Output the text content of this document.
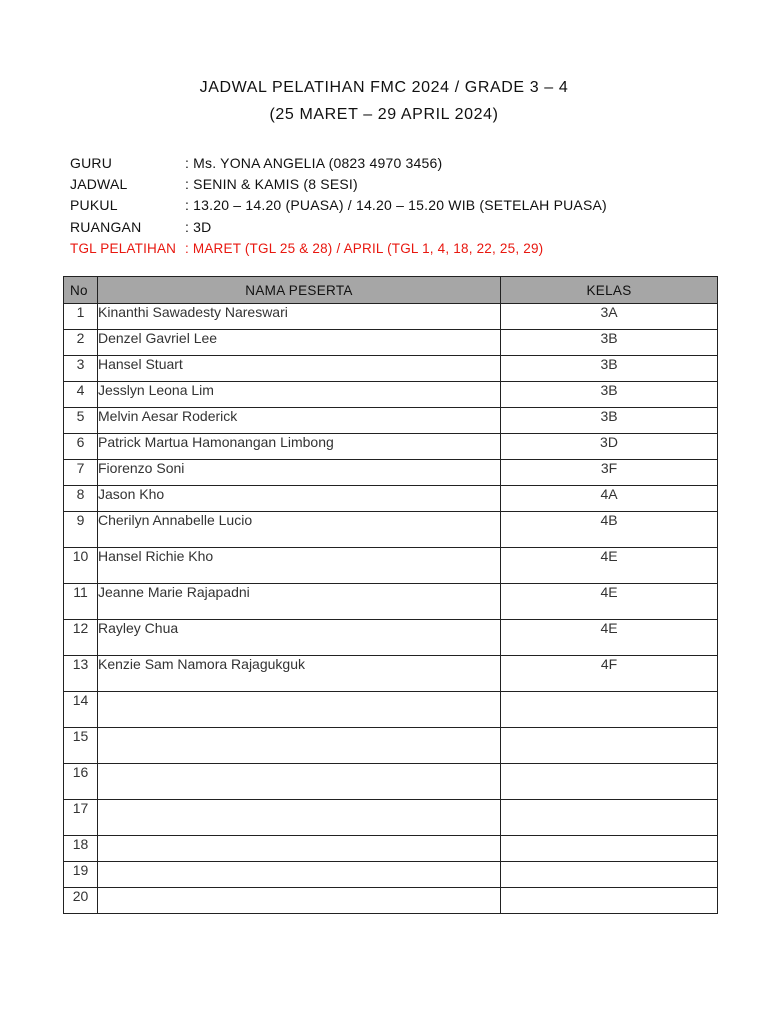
JADWAL PELATIHAN FMC 2024 / GRADE 3 – 4
(25 MARET – 29 APRIL 2024)
GURU	: Ms. YONA ANGELIA (0823 4970 3456)
JADWAL	: SENIN & KAMIS (8 SESI)
PUKUL	: 13.20 – 14.20 (PUASA) / 14.20 – 15.20 WIB (SETELAH PUASA)
RUANGAN	: 3D
TGL PELATIHAN : MARET (TGL 25 & 28) / APRIL (TGL 1, 4, 18, 22, 25, 29)
No	NAMA PESERTA	KELAS
1	Kinanthi Sawadesty Nareswari	3A
2	Denzel Gavriel Lee	3B
3	Hansel Stuart	3B
4	Jesslyn Leona Lim	3B
5	Melvin Aesar Roderick	3B
6	Patrick Martua Hamonangan Limbong	3D
7	Fiorenzo Soni	3F
8	Jason Kho	4A
9	Cherilyn Annabelle Lucio	4B
10	Hansel Richie Kho	4E
11	Jeanne Marie Rajapadni	4E
12	Rayley Chua	4E
13	Kenzie Sam Namora Rajagukguk	4F
14		
15		
16		
17		
18		
19		
20		
